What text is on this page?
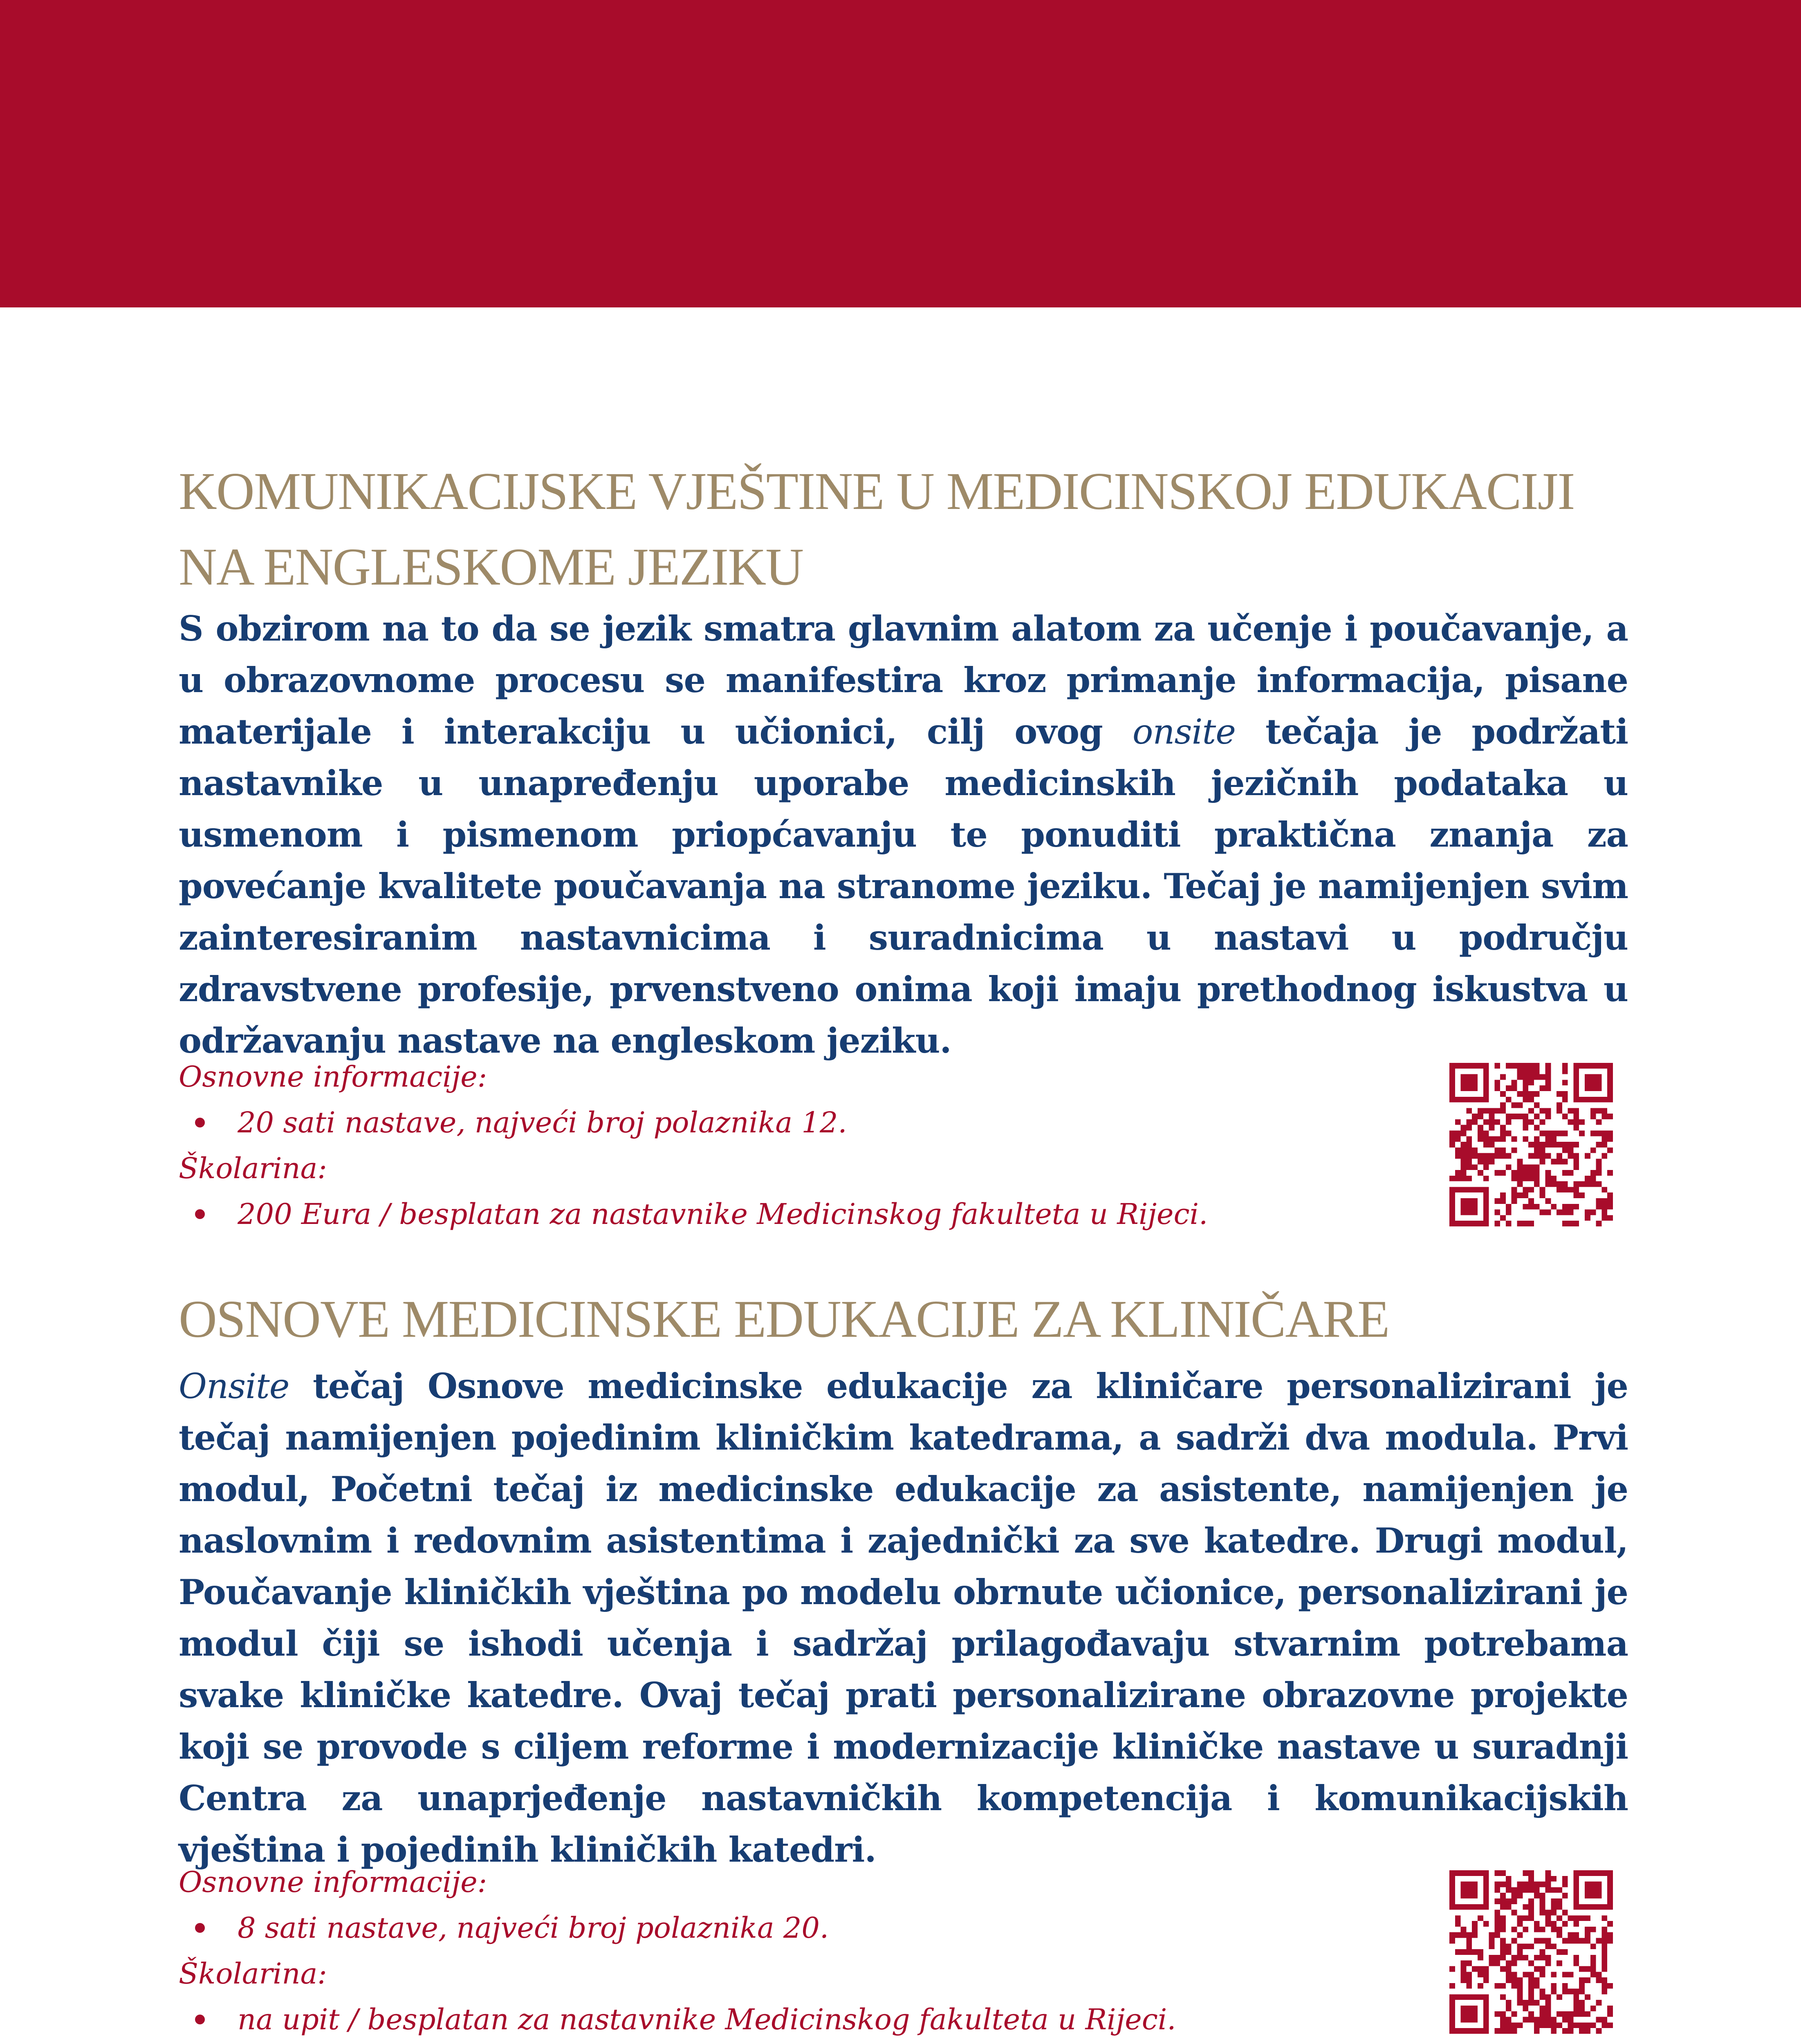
KOMUNIKACIJSKE VJEŠTINE U MEDICINSKOJ EDUKACIJI
NA ENGLESKOME JEZIKU

S obzirom na to da se jezik smatra glavnim alatom za učenje i poučavanje, a u obrazovnome procesu se manifestira kroz primanje informacija, pisane materijale i interakciju u učionici, cilj ovog onsite tečaja je podržati nastavnike u unapređenju uporabe medicinskih jezičnih podataka u usmenom i pismenom priopćavanju te ponuditi praktična znanja za povećanje kvalitete poučavanja na stranome jeziku. Tečaj je namijenjen svim zainteresiranim nastavnicima i suradnicima u nastavi u području zdravstvene profesije, prvenstveno onima koji imaju prethodnog iskustva u održavanju nastave na engleskom jeziku.

Osnovne informacije:
20 sati nastave, najveći broj polaznika 12.
Školarina:
200 Eura / besplatan za nastavnike Medicinskog fakulteta u Rijeci.
OSNOVE MEDICINSKE EDUKACIJE ZA KLINIČARE

Onsite tečaj Osnove medicinske edukacije za kliničare personalizirani je tečaj namijenjen pojedinim kliničkim katedrama, a sadrži dva modula. Prvi modul, Početni tečaj iz medicinske edukacije za asistente, namijenjen je naslovnim i redovnim asistentima i zajednički za sve katedre. Drugi modul, Poučavanje kliničkih vještina po modelu obrnute učionice, personalizirani je modul čiji se ishodi učenja i sadržaj prilagođavaju stvarnim potrebama svake kliničke katedre. Ovaj tečaj prati personalizirane obrazovne projekte koji se provode s ciljem reforme i modernizacije kliničke nastave u suradnji Centra za unaprjeđenje nastavničkih kompetencija i komunikacijskih vještina i pojedinih kliničkih katedri.

Osnovne informacije:
8 sati nastave, najveći broj polaznika 20.
Školarina:
na upit / besplatan za nastavnike Medicinskog fakulteta u Rijeci.
